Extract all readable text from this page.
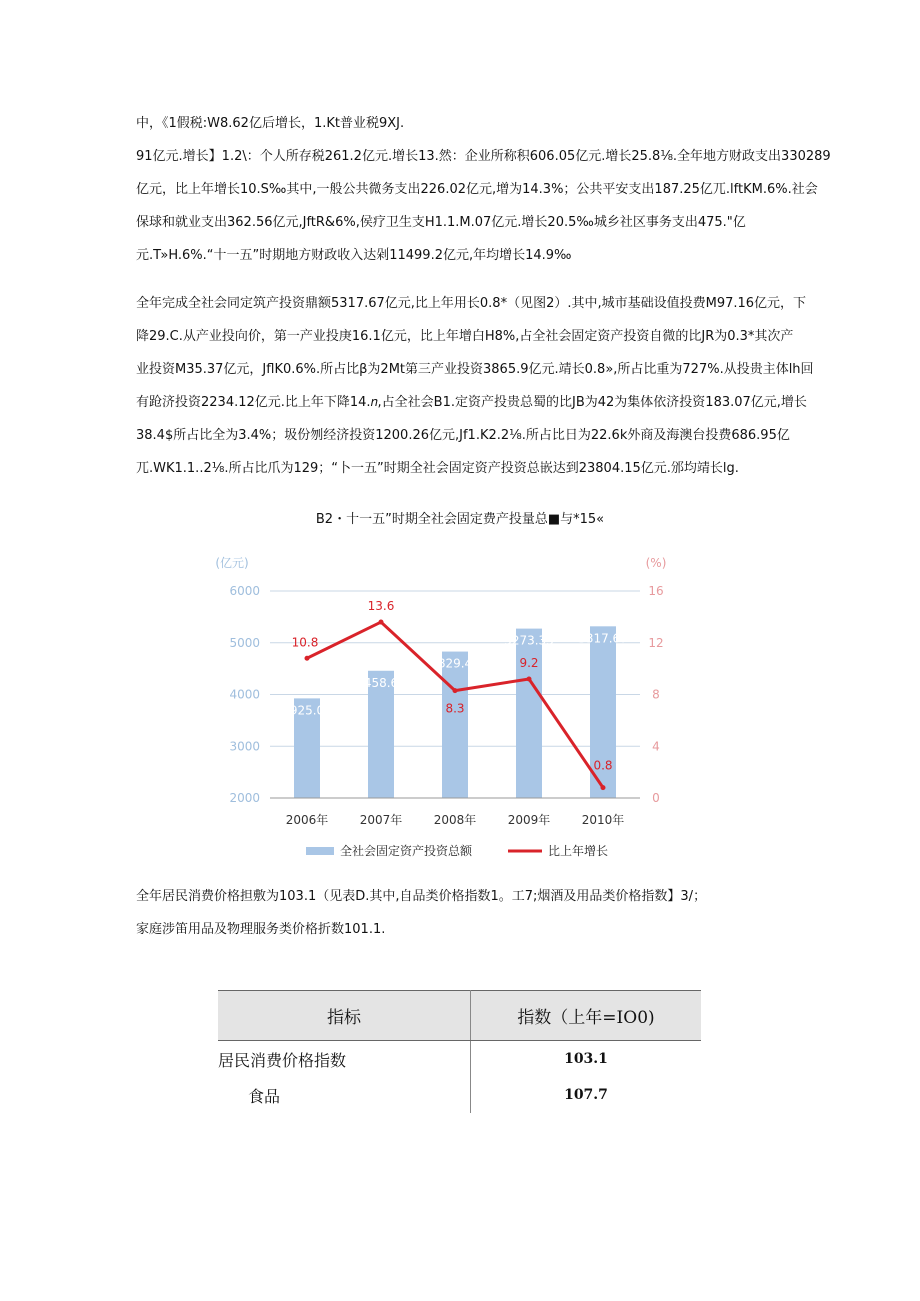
中，《1假税:W8.62亿后增长，1.Kt普业税9XJ.
91亿元.增长】1.2\：个人所存税261.2亿元.增长13.然：企业所称积606.05亿元.增长25.8⅛.全年地方财政支出330289
亿元，比上年增长10.S‰其中,一般公共微务支出226.02亿元,增为14.3%；公共平安支出187.25亿兀.lftKM.6%.社会
保球和就业支出362.56亿元,JftR&6%,侯疗卫生支H1.1.M.07亿元.增长20.5‰城乡社区事务支出475."亿
元.T»H.6%.“十一五”时期地方财政收入达剁11499.2亿元,年均增长14.9‰
全年完成全社会同定筑产投资鼎额5317.67亿元,比上年用长0.8*（见图2）.其中,城市基础设值投费M97.16亿元，下
降29.C.从产业投向价，第一产业投庚16.1亿元，比上年增白H8%,占全社会固定资产投资自微的比JR为0.3*其次产
业投资M35.37亿元，JflK0.6%.所占比β为2Mt第三产业投资3865.9亿元.靖长0.8»,所占比重为727%.从投贵主体lh回
有跄济投资2234.12亿元.比上年下降14.𝑛,占全社会B1.定资产投贵总蜀的比JB为42为集体依济投资183.07亿元,增长
38.4$所占比全为3.4%；圾份刎经济投资1200.26亿元,Jf1.K2.2⅛.所占比日为22.6k外商及海澳台投费686.95亿
兀.WK1.1..2⅛.所占比爪为129；“卜一五”时期全社会固定资产投资总嵌达到23804.15亿元.邠均靖长lg.
B2・十一五”时期全社会固定费产投量总■与*15«
2000
3000
4000
5000
6000
0
4
8
12
16
(亿元)	(%)
3925.09
4458.61
4829.45
5273.33 5317.67
2006年	2007年	2008年	2009年	2010年
10.8
13.6
8.3
9.2
0.8
全社会固定资产投资总额	比上年增长
全年居民消费价格担敷为103.1（见表D.其中,自品类价格指数1。工7;烟酒及用品类价格指数】3/；
家庭涉笛用品及物理服务类价格折数101.1.
指标	指数（上年=IO0)
居民消费价格指数	103.1
食品	107.7
